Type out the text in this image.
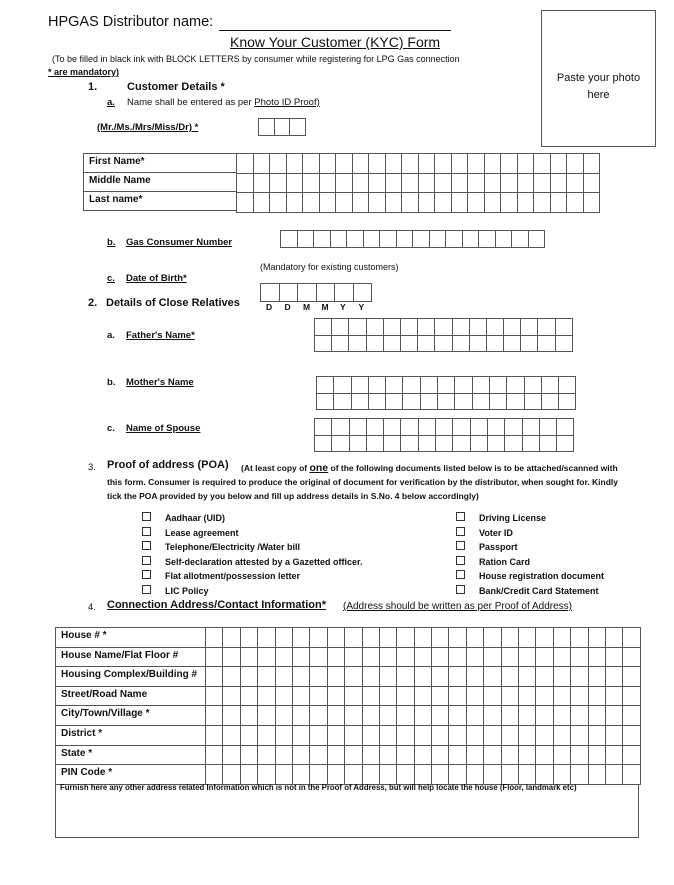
HPGAS Distributor name:
Know Your Customer (KYC) Form
(To be filled in black ink with BLOCK LETTERS by consumer while registering for LPG Gas connection
* are mandatory)	Paste your photo
here
1.	Customer Details *
a. Name shall be entered as per Photo ID Proof)
(Mr./Ms./Mrs/Miss/Dr) *
First Name*
Middle Name
Last name*
b. Gas Consumer Number
(Mandatory for existing customers)
c. Date of Birth*
D D M M Y Y
2. Details of Close Relatives
a. Father's Name*
b. Mother's Name
c. Name of Spouse
3. Proof of address (POA) (At least copy of one of the following documents listed below is to be attached/scanned with
this form. Consumer is required to produce the original of document for verification by the distributor, when sought for. Kindly
tick the POA provided by you below and fill up address details in S.No. 4 below accordingly)
Aadhaar (UID)
Lease agreement
Telephone/Electricity /Water bill
Self-declaration attested by a Gazetted officer.
Flat allotment/possession letter
LIC Policy
Driving License
Voter ID
Passport
Ration Card
House registration document
Bank/Credit Card Statement
4. Connection Address/Contact Information* (Address should be written as per Proof of Address)
House # *
House Name/Flat Floor #
Housing Complex/Building #
Street/Road Name
City/Town/Village *
District *
State *
PIN Code *
Furnish here any other address related Information which is not in the Proof of Address, but will help locate the house (Floor, landmark etc)
